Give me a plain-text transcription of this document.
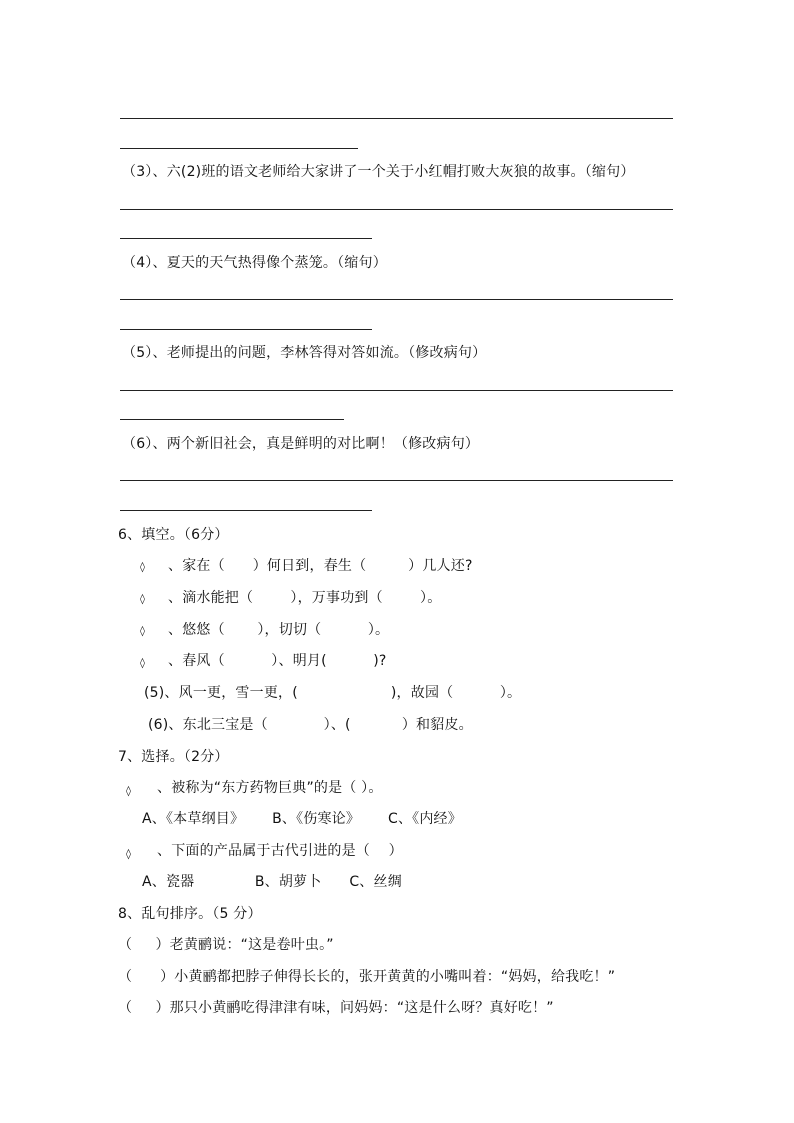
（3）、六(2)班的语文老师给大家讲了一个关于小红帽打败大灰狼的故事。（缩句）
（4）、夏天的天气热得像个蒸笼。（缩句）
（5）、老师提出的问题，李林答得对答如流。（修改病句）
（6）、两个新旧社会，真是鲜明的对比啊！（修改病句）
6、填空。（6分）
◊ 、家在（      ）何日到，春生（         ）几人还?
◊ 、滴水能把（        ），万事功到（        ）。
◊ 、悠悠（       ），切切（          ）。
◊ 、春风（          ）、明月(          )?
(5)、风一更，雪一更，(                    )，故园（          ）。
(6)、东北三宝是（            ）、(           ）和貂皮。
7、选择。（2分）
◊ 、被称为“东方药物巨典”的是（ ）。
A、《本草纲目》      B、《伤寒论》      C、《内经》
◊ 、下面的产品属于古代引进的是（    ）
A、瓷器             B、胡萝卜      C、丝绸
8、乱句排序。（5 分）
（     ）老黄鹂说：“这是卷叶虫。”
（      ）小黄鹂都把脖子伸得长长的，张开黄黄的小嘴叫着：“妈妈，给我吃！”
（     ）那只小黄鹂吃得津津有味，问妈妈：“这是什么呀？真好吃！”
